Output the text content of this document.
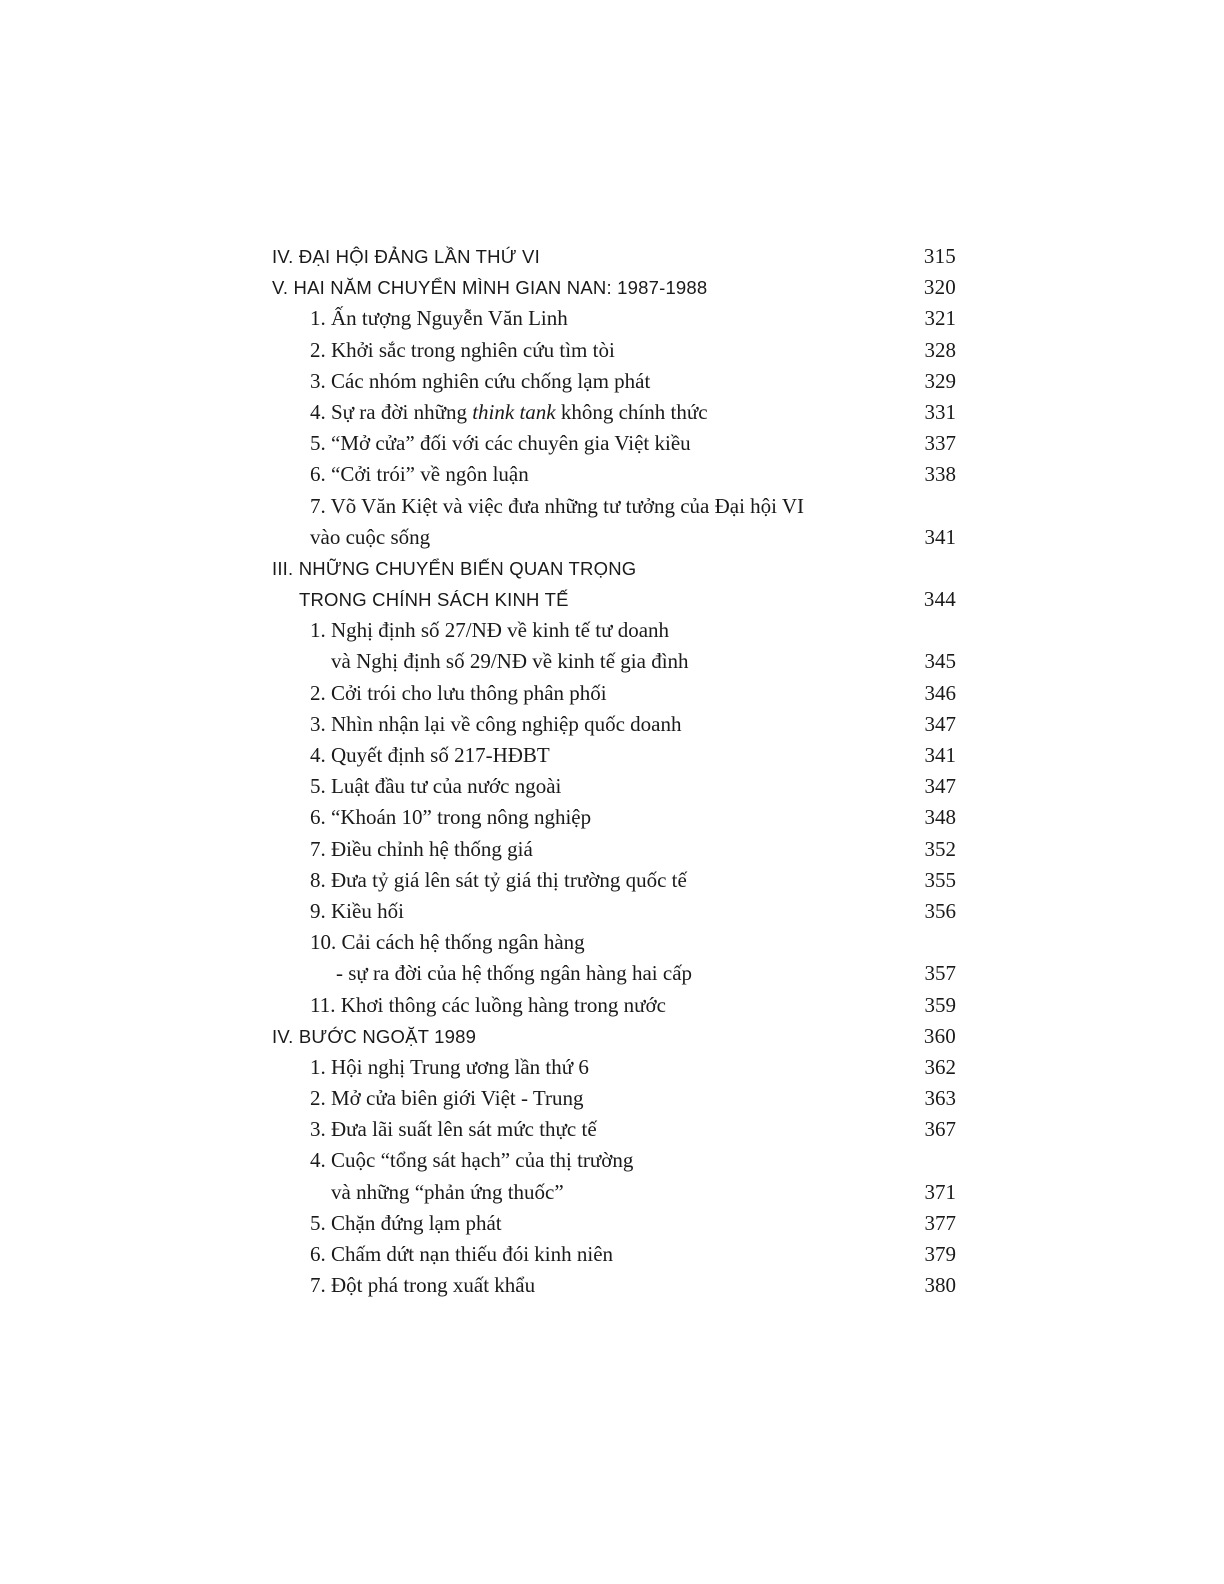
IV. ĐẠI HỘI ĐẢNG LẦN THỨ VI	315
V. HAI NĂM CHUYỂN MÌNH GIAN NAN: 1987-1988	320
1. Ấn tượng Nguyễn Văn Linh	321
2. Khởi sắc trong nghiên cứu tìm tòi	328
3. Các nhóm nghiên cứu chống lạm phát	329
4. Sự ra đời những think tank không chính thức	331
5. “Mở cửa” đối với các chuyên gia Việt kiều	337
6. “Cởi trói” về ngôn luận	338
7. Võ Văn Kiệt và việc đưa những tư tưởng của Đại hội VI
vào cuộc sống	341
III. NHỮNG CHUYỂN BIẾN QUAN TRỌNG
TRONG CHÍNH SÁCH KINH TẾ	344
1. Nghị định số 27/NĐ về kinh tế tư doanh
và Nghị định số 29/NĐ về kinh tế gia đình	345
2. Cởi trói cho lưu thông phân phối	346
3. Nhìn nhận lại về công nghiệp quốc doanh	347
4. Quyết định số 217-HĐBT	341
5. Luật đầu tư của nước ngoài	347
6. “Khoán 10” trong nông nghiệp	348
7. Điều chỉnh hệ thống giá	352
8. Đưa tỷ giá lên sát tỷ giá thị trường quốc tế	355
9. Kiều hối	356
10. Cải cách hệ thống ngân hàng
- sự ra đời của hệ thống ngân hàng hai cấp	357
11. Khơi thông các luồng hàng trong nước	359
IV. BƯỚC NGOẶT 1989	360
1. Hội nghị Trung ương lần thứ 6	362
2. Mở cửa biên giới Việt - Trung	363
3. Đưa lãi suất lên sát mức thực tế	367
4. Cuộc “tổng sát hạch” của thị trường
và những “phản ứng thuốc”	371
5. Chặn đứng lạm phát	377
6. Chấm dứt nạn thiếu đói kinh niên	379
7. Đột phá trong xuất khẩu	380
